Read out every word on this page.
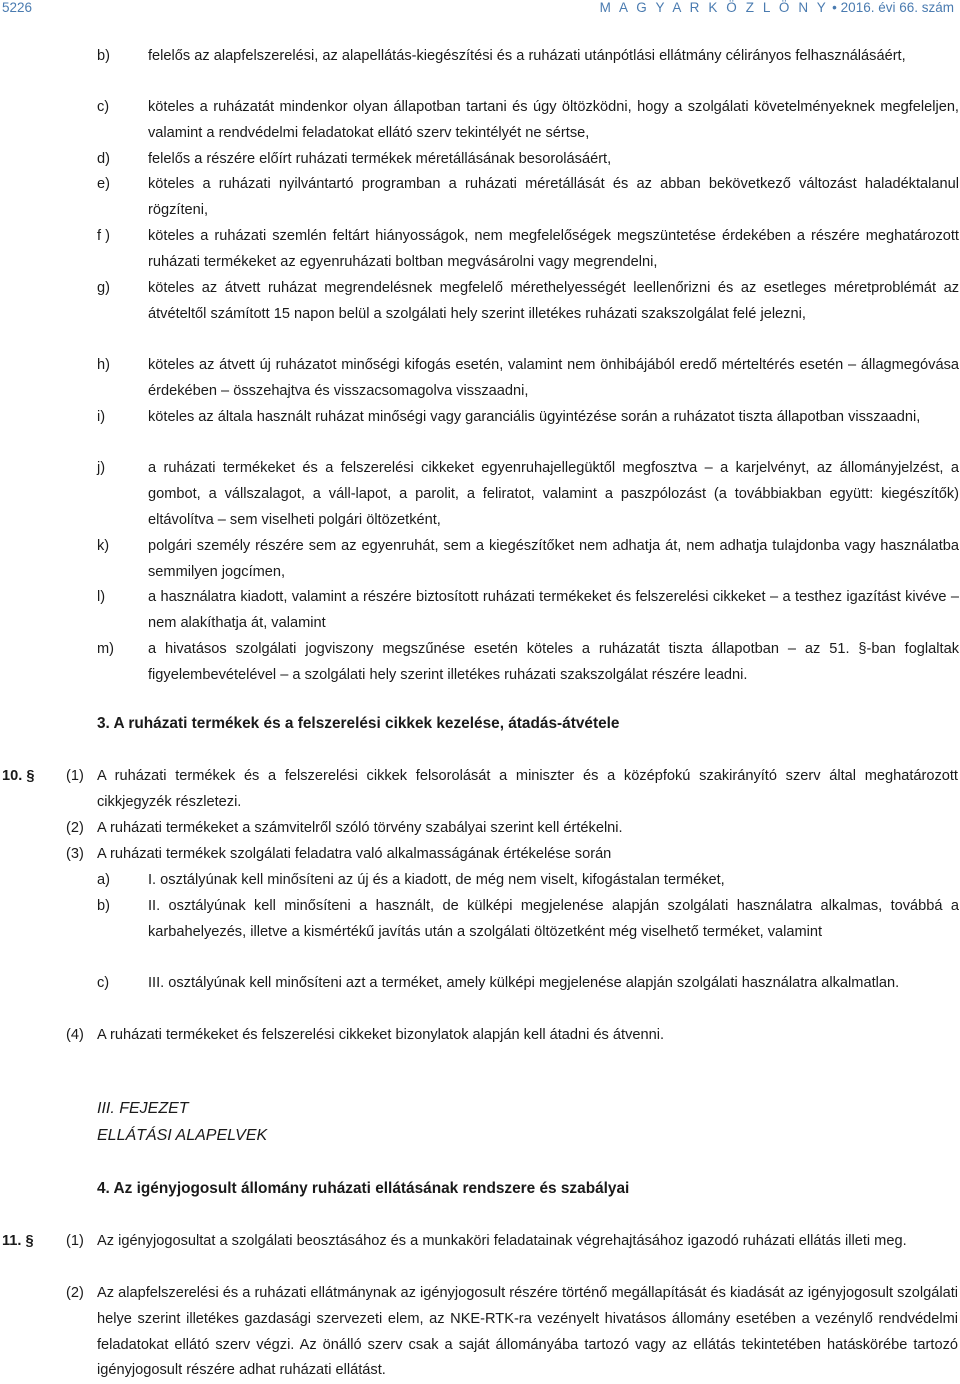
5226	M A G Y A R K Ö Z L Ö N Y • 2016. évi 66. szám
b)	felelős az alapfelszerelési, az alapellátás-kiegészítési és a ruházati utánpótlási ellátmány célirányos felhasználásáért,
c)	köteles a ruházatát mindenkor olyan állapotban tartani és úgy öltözködni, hogy a szolgálati követelményeknek megfeleljen, valamint a rendvédelmi feladatokat ellátó szerv tekintélyét ne sértse,
d)	felelős a részére előírt ruházati termékek méretállásának besorolásáért,
e)	köteles a ruházati nyilvántartó programban a ruházati méretállását és az abban bekövetkező változást haladéktalanul rögzíteni,
f )	köteles a ruházati szemlén feltárt hiányosságok, nem megfelelőségek megszüntetése érdekében a részére meghatározott ruházati termékeket az egyenruházati boltban megvásárolni vagy megrendelni,
g)	köteles az átvett ruházat megrendelésnek megfelelő mérethelyességét leellenőrizni és az esetleges méretproblémát az átvételtől számított 15 napon belül a szolgálati hely szerint illetékes ruházati szakszolgálat felé jelezni,
h)	köteles az átvett új ruházatot minőségi kifogás esetén, valamint nem önhibájából eredő mérteltérés esetén – állagmegóvása érdekében – összehajtva és visszacsomagolva visszaadni,
i)	köteles az általa használt ruházat minőségi vagy garanciális ügyintézése során a ruházatot tiszta állapotban visszaadni,
j)	a ruházati termékeket és a felszerelési cikkeket egyenruhajellegüktől megfosztva – a karjelvényt, az állományjelzést, a gombot, a vállszalagot, a váll-lapot, a parolit, a feliratot, valamint a paszpólozást (a továbbiakban együtt: kiegészítők) eltávolítva – sem viselheti polgári öltözetként,
k)	polgári személy részére sem az egyenruhát, sem a kiegészítőket nem adhatja át, nem adhatja tulajdonba vagy használatba semmilyen jogcímen,
l)	a használatra kiadott, valamint a részére biztosított ruházati termékeket és felszerelési cikkeket – a testhez igazítást kivéve – nem alakíthatja át, valamint
m) a hivatásos szolgálati jogviszony megszűnése esetén köteles a ruházatát tiszta állapotban – az 51. §-ban foglaltak figyelembevételével – a szolgálati hely szerint illetékes ruházati szakszolgálat részére leadni.
3. A ruházati termékek és a felszerelési cikkek kezelése, átadás-átvétele
10. § (1) A ruházati termékek és a felszerelési cikkek felsorolását a miniszter és a középfokú szakirányító szerv által meghatározott cikkjegyzék részletezi.
(2) A ruházati termékeket a számvitelről szóló törvény szabályai szerint kell értékelni.
(3) A ruházati termékek szolgálati feladatra való alkalmasságának értékelése során
a)	I. osztályúnak kell minősíteni az új és a kiadott, de még nem viselt, kifogástalan terméket,
b)	II. osztályúnak kell minősíteni a használt, de külképi megjelenése alapján szolgálati használatra alkalmas, továbbá a karbahelyezés, illetve a kismértékű javítás után a szolgálati öltözetként még viselhető terméket, valamint
c)	III. osztályúnak kell minősíteni azt a terméket, amely külképi megjelenése alapján szolgálati használatra alkalmatlan.
(4) A ruházati termékeket és felszerelési cikkeket bizonylatok alapján kell átadni és átvenni.
III. FEJEZET
ELLÁTÁSI ALAPELVEK
4. Az igényjogosult állomány ruházati ellátásának rendszere és szabályai
11. § (1) Az igényjogosultat a szolgálati beosztásához és a munkaköri feladatainak végrehajtásához igazodó ruházati ellátás illeti meg.
(2) Az alapfelszerelési és a ruházati ellátmánynak az igényjogosult részére történő megállapítását és kiadását az igényjogosult szolgálati helye szerint illetékes gazdasági szervezeti elem, az NKE-RTK-ra vezényelt hivatásos állomány esetében a vezénylő rendvédelmi feladatokat ellátó szerv végzi. Az önálló szerv csak a saját állományába tartozó vagy az ellátás tekintetében hatáskörébe tartozó igényjogosult részére adhat ruházati ellátást.
